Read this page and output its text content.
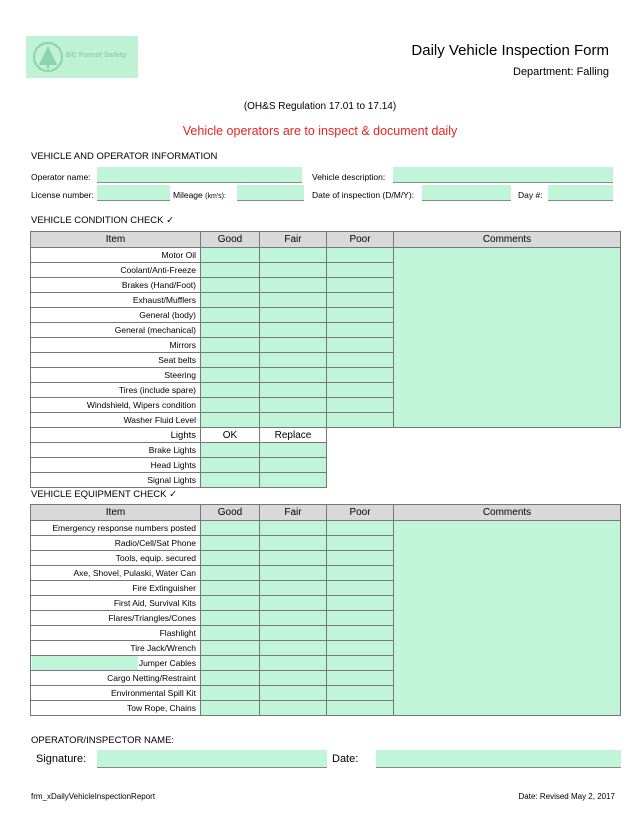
BC Forest Safety	Daily Vehicle Inspection Form
Department: Falling
(OH&S Regulation 17.01 to 17.14)
Vehicle operators are to inspect & document daily
VEHICLE AND OPERATOR INFORMATION
Operator name:	Vehicle description:
License number:	Mileage (km's):	Date of inspection (D/M/Y):	Day #:
VEHICLE CONDITION CHECK ✓
Item	Good	Fair	Poor	Comments
Motor Oil				
Coolant/Anti-Freeze				
Brakes (Hand/Foot)				
Exhaust/Mufflers				
General (body)				
General (mechanical)				
Mirrors				
Seat belts				
Steering				
Tires (include spare)				
Windshield, Wipers condition				
Washer Fluid Level				
Lights	OK	Replace		
Brake Lights				
Head Lights				
Signal Lights				
VEHICLE EQUIPMENT CHECK ✓
Item	Good	Fair	Poor	Comments
Emergency response numbers posted				
Radio/Cell/Sat Phone				
Tools, equip. secured				
Axe, Shovel, Pulaski, Water Can				
Fire Extinguisher				
First Aid, Survival Kits				
Flares/Triangles/Cones				
Flashlight				
Tire Jack/Wrench				
Jumper Cables				
Cargo Netting/Restraint				
Environmental Spill Kit				
Tow Rope, Chains				
OPERATOR/INSPECTOR NAME:
Signature:	Date:
frm_xDailyVehicleInspectionReport	Date: Revised May 2, 2017
